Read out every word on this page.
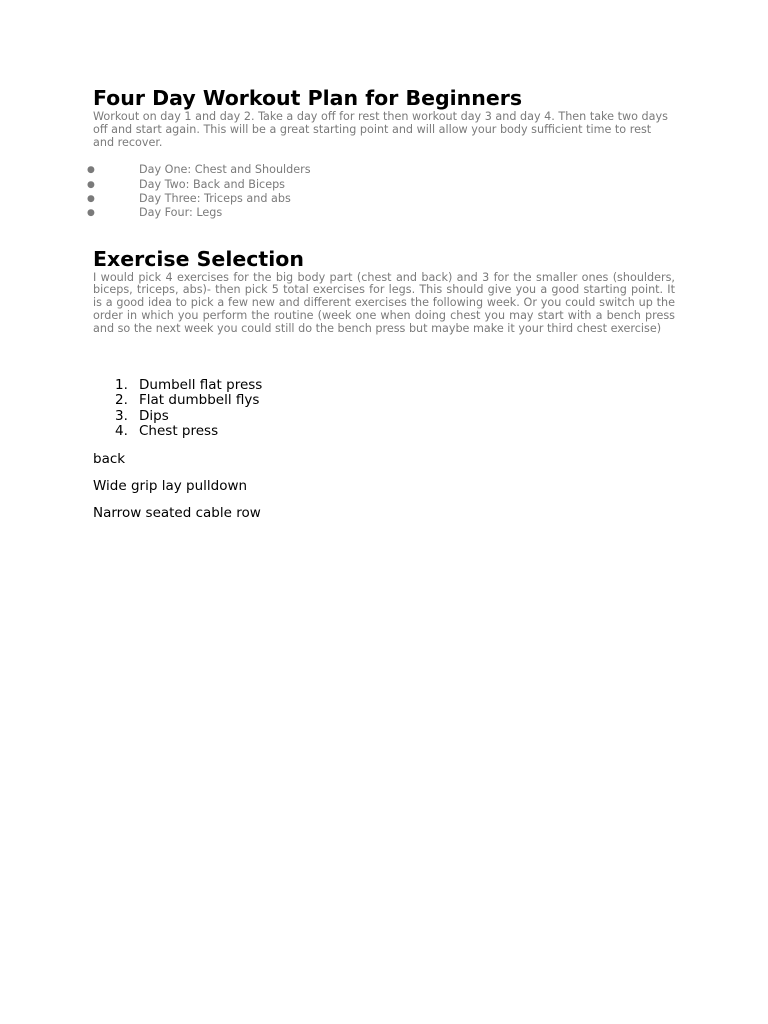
Four Day Workout Plan for Beginners

Workout on day 1 and day 2. Take a day off for rest then workout day 3 and day 4. Then take two days off and start again. This will be a great starting point and will allow your body sufficient time to rest and recover.

●	Day One: Chest and Shoulders
●	Day Two: Back and Biceps
●	Day Three: Triceps and abs
●	Day Four: Legs
Exercise Selection

I would pick 4 exercises for the big body part (chest and back) and 3 for the smaller ones (shoulders, biceps, triceps, abs)- then pick 5 total exercises for legs. This should give you a good starting point. It is a good idea to pick a few new and different exercises the following week. Or you could switch up the order in which you perform the routine (week one when doing chest you may start with a bench press and so the next week you could still do the bench press but maybe make it your third chest exercise)

1. Dumbell flat press
2. Flat dumbbell flys
3. Dips
4. Chest press

back

Wide grip lay pulldown

Narrow seated cable row
